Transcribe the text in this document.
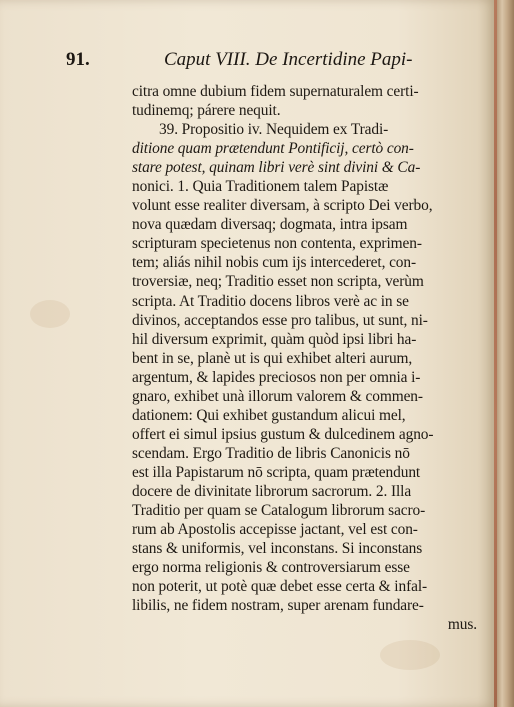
91.	Caput VIII. De Incertidine Papi-
citra omne dubium fidem supernaturalem certi-
tudinemq; párere nequit.
39. Propositio iv. Nequidem ex Tradi-
ditione quam prætendunt Pontificij, certò con-
stare potest, quinam libri verè sint divini & Ca-
nonici. 1. Quia Traditionem talem Papistæ
volunt esse realiter diversam, à scripto Dei verbo,
nova quædam diversaq; dogmata, intra ipsam
scripturam specietenus non contenta, exprimen-
tem; aliás nihil nobis cum ijs intercederet, con-
troversiæ, neq; Traditio esset non scripta, verùm
scripta. At Traditio docens libros verè ac in se
divinos, acceptandos esse pro talibus, ut sunt, ni-
hil diversum exprimit, quàm quòd ipsi libri ha-
bent in se, planè ut is qui exhibet alteri aurum,
argentum, & lapides preciosos non per omnia i-
gnaro, exhibet unà illorum valorem & commen-
dationem: Qui exhibet gustandum alicui mel,
offert ei simul ipsius gustum & dulcedinem agno-
scendam. Ergo Traditio de libris Canonicis nō
est illa Papistarum nō scripta, quam prætendunt
docere de divinitate librorum sacrorum. 2. Illa
Traditio per quam se Catalogum librorum sacro-
rum ab Apostolis accepisse jactant, vel est con-
stans & uniformis, vel inconstans. Si inconstans
ergo norma religionis & controversiarum esse
non poterit, ut potè quæ debet esse certa & infal-
libilis, ne fidem nostram, super arenam fundare-
mus.
